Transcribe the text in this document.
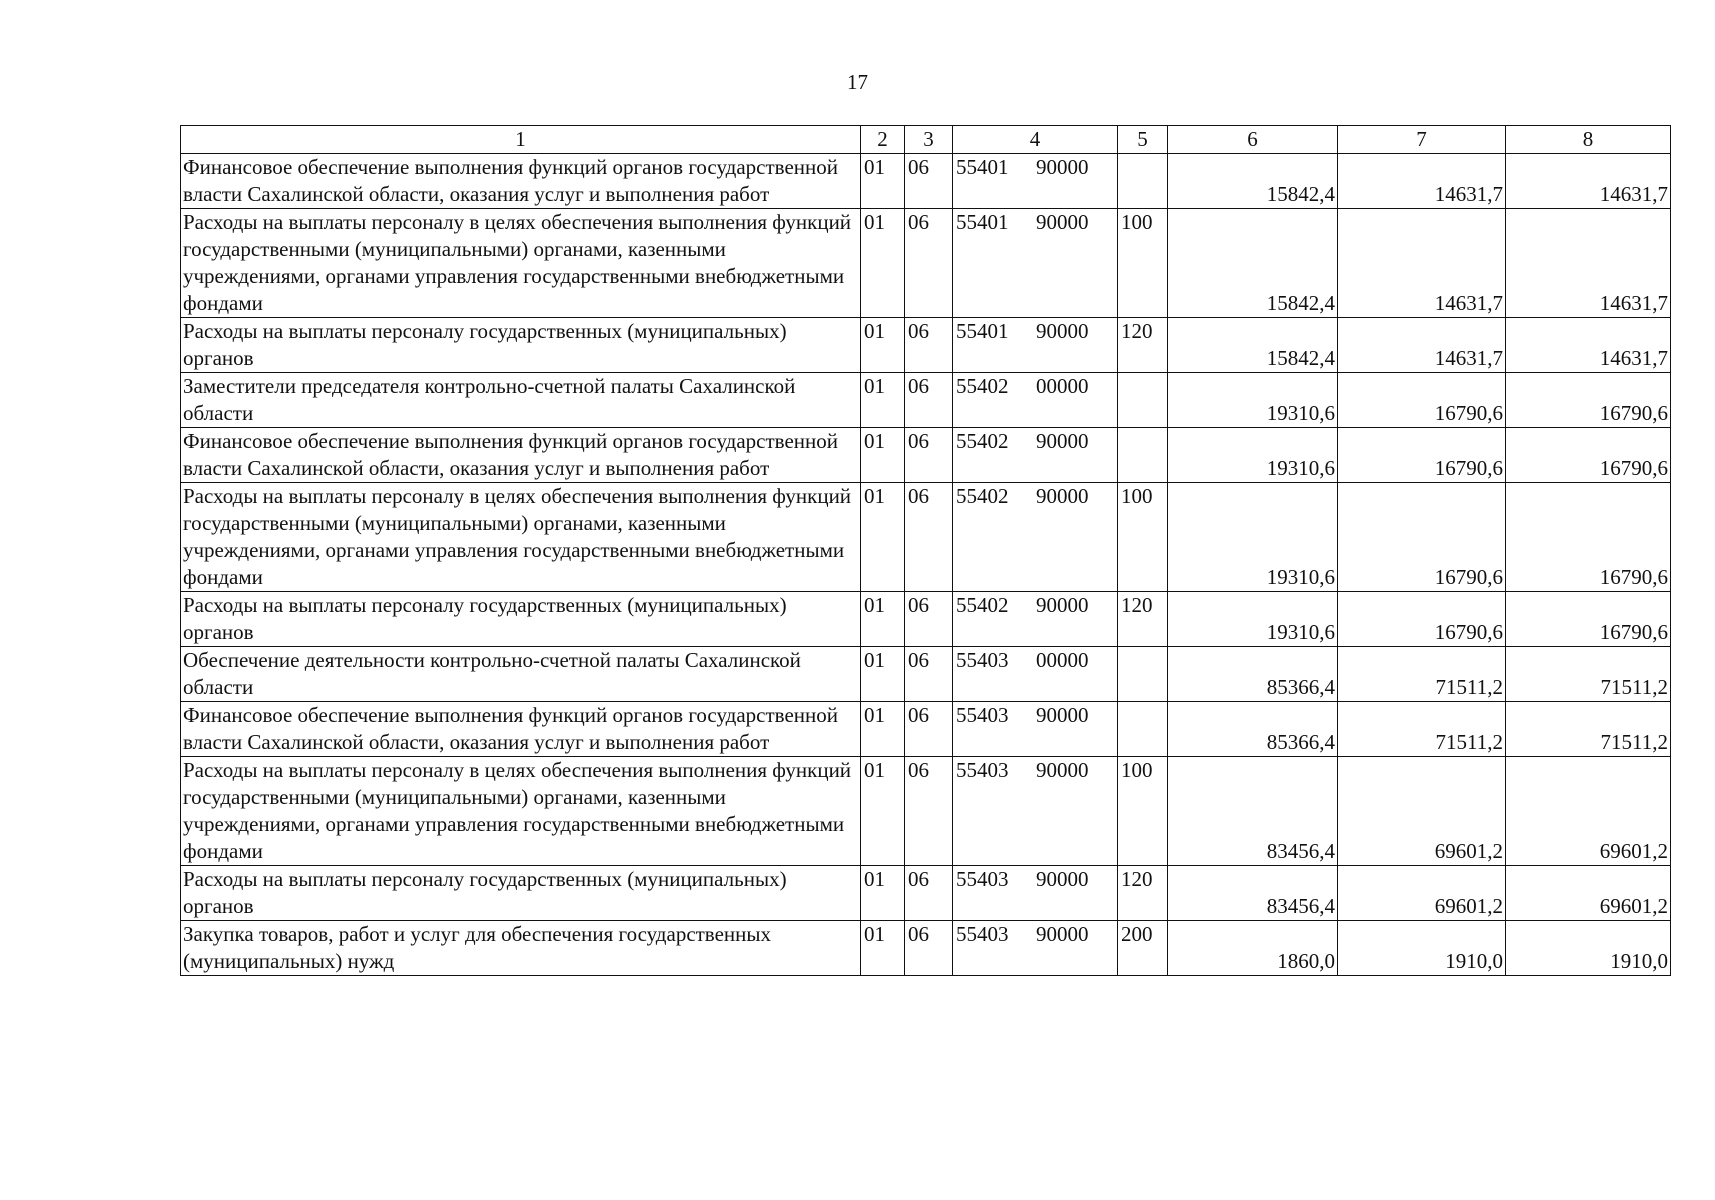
17
1	2	3	4	5	6	7	8
Финансовое обеспечение выполнения функций органов государственной власти Сахалинской области, оказания услуг и выполнения работ	01	06	55401 90000		15842,4	14631,7	14631,7
Расходы на выплаты персоналу в целях обеспечения выполнения функций государственными (муниципальными) органами, казенными учреждениями, органами управления государственными внебюджетными фондами	01	06	55401 90000	100	15842,4	14631,7	14631,7
Расходы на выплаты персоналу государственных (муниципальных) органов	01	06	55401 90000	120	15842,4	14631,7	14631,7
Заместители председателя контрольно-счетной палаты Сахалинской области	01	06	55402 00000		19310,6	16790,6	16790,6
Финансовое обеспечение выполнения функций органов государственной власти Сахалинской области, оказания услуг и выполнения работ	01	06	55402 90000		19310,6	16790,6	16790,6
Расходы на выплаты персоналу в целях обеспечения выполнения функций государственными (муниципальными) органами, казенными учреждениями, органами управления государственными внебюджетными фондами	01	06	55402 90000	100	19310,6	16790,6	16790,6
Расходы на выплаты персоналу государственных (муниципальных) органов	01	06	55402 90000	120	19310,6	16790,6	16790,6
Обеспечение деятельности контрольно-счетной палаты Сахалинской области	01	06	55403 00000		85366,4	71511,2	71511,2
Финансовое обеспечение выполнения функций органов государственной власти Сахалинской области, оказания услуг и выполнения работ	01	06	55403 90000		85366,4	71511,2	71511,2
Расходы на выплаты персоналу в целях обеспечения выполнения функций государственными (муниципальными) органами, казенными учреждениями, органами управления государственными внебюджетными фондами	01	06	55403 90000	100	83456,4	69601,2	69601,2
Расходы на выплаты персоналу государственных (муниципальных) органов	01	06	55403 90000	120	83456,4	69601,2	69601,2
Закупка товаров, работ и услуг для обеспечения государственных (муниципальных) нужд	01	06	55403 90000	200	1860,0	1910,0	1910,0
